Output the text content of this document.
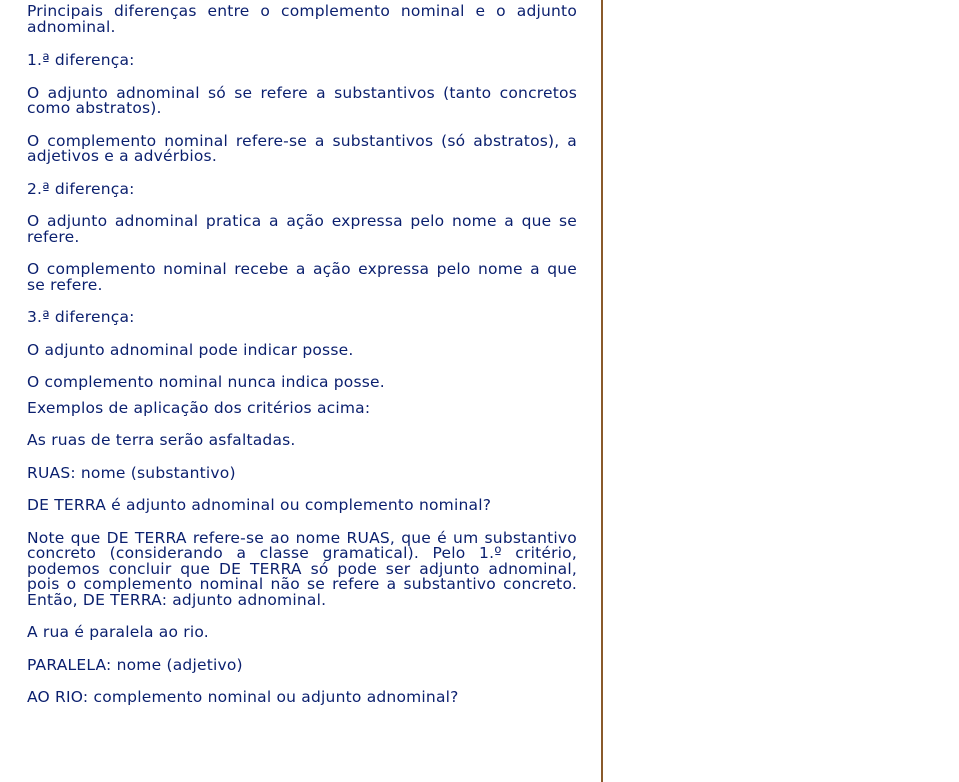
Principais diferenças entre o complemento nominal e o adjunto adnominal.

1.ª diferença:

O adjunto adnominal só se refere a substantivos (tanto concretos como abstratos).

O complemento nominal refere-se a substantivos (só abstratos), a adjetivos e a advérbios.

2.ª diferença:

O adjunto adnominal pratica a ação expressa pelo nome a que se refere.

O complemento nominal recebe a ação expressa pelo nome a que se refere.

3.ª diferença:

O adjunto adnominal pode indicar posse.

O complemento nominal nunca indica posse.

Exemplos de aplicação dos critérios acima:

As ruas de terra serão asfaltadas.

RUAS: nome (substantivo)

DE TERRA é adjunto adnominal ou complemento nominal?

Note que DE TERRA refere-se ao nome RUAS, que é um substantivo concreto (considerando a classe gramatical). Pelo 1.º critério, podemos concluir que DE TERRA só pode ser adjunto adnominal, pois o complemento nominal não se refere a substantivo concreto. Então, DE TERRA: adjunto adnominal.

A rua é paralela ao rio.

PARALELA: nome (adjetivo)

AO RIO: complemento nominal ou adjunto adnominal?
